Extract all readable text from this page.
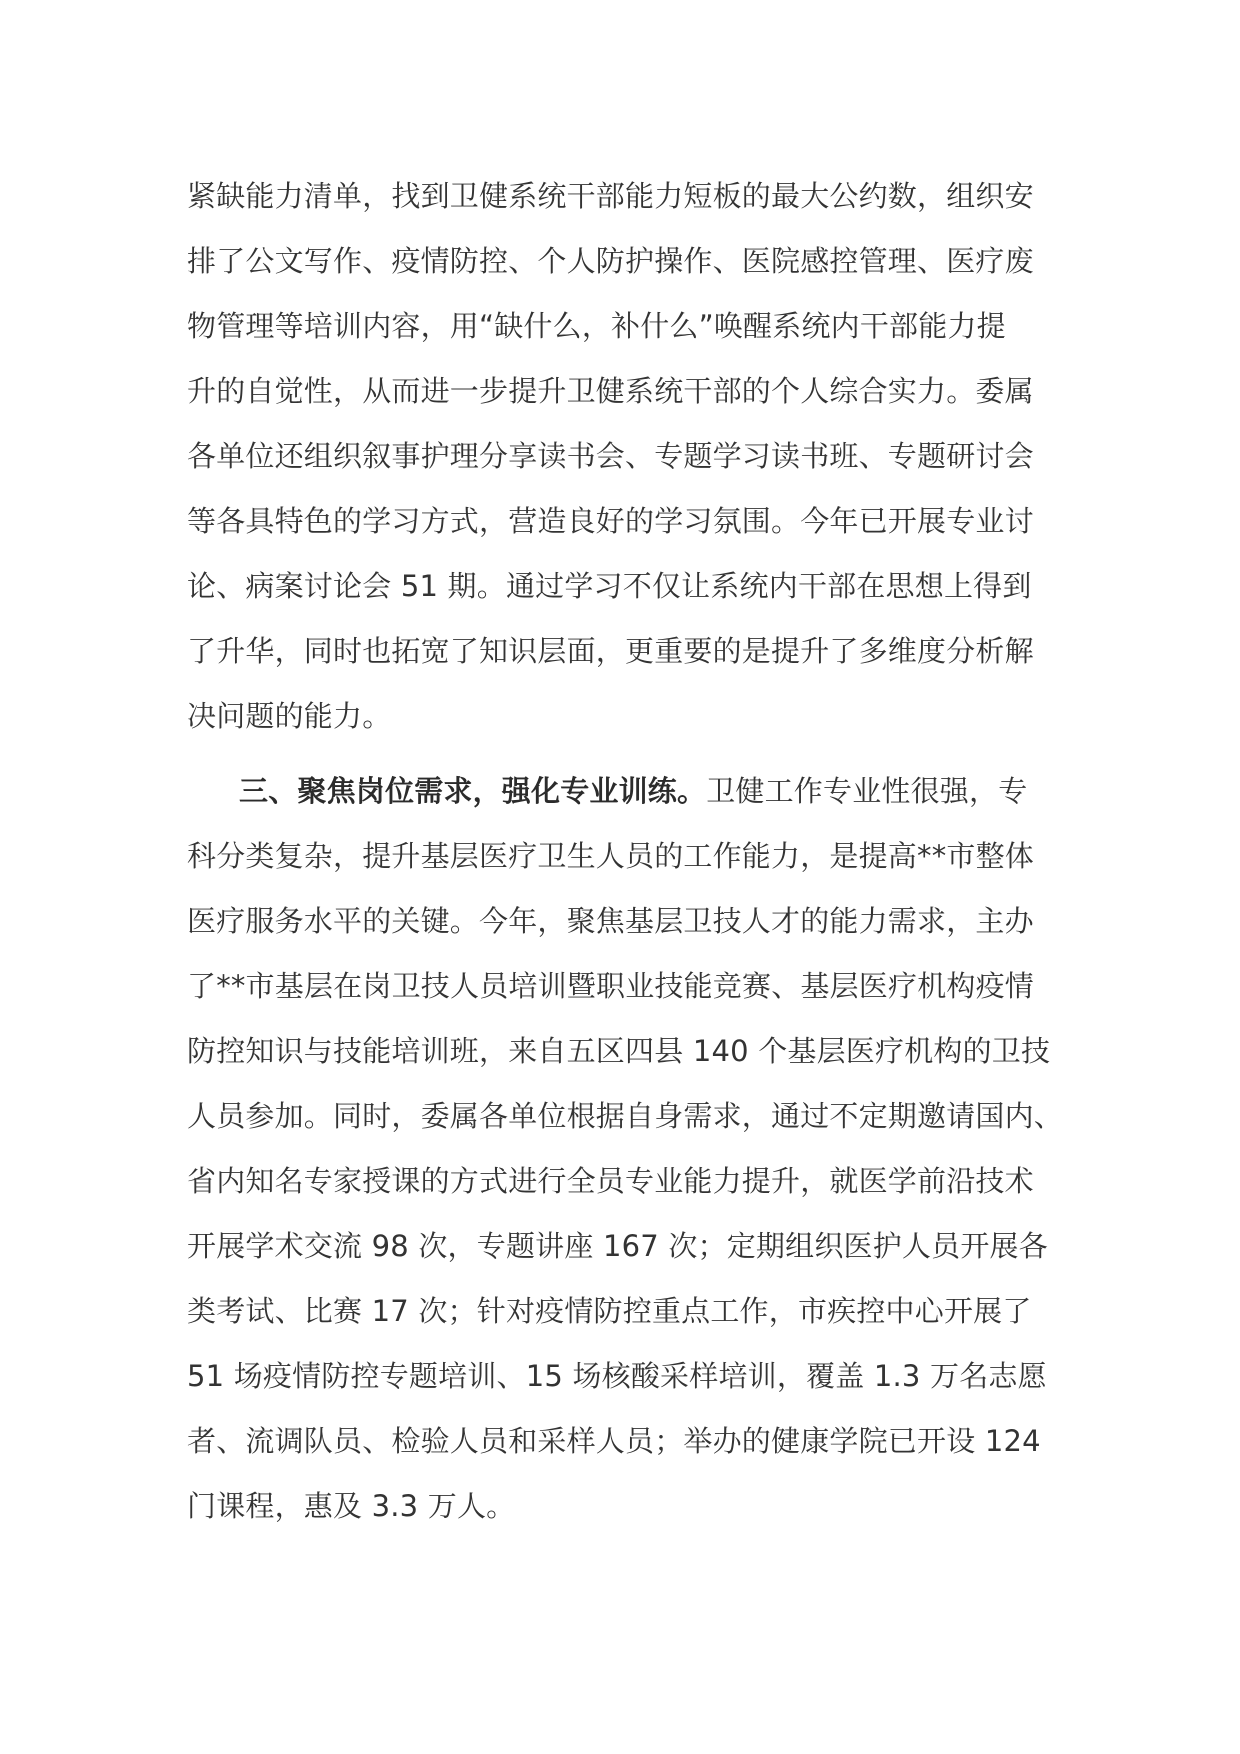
紧缺能力清单，找到卫健系统干部能力短板的最大公约数，组织安
排了公文写作、疫情防控、个人防护操作、医院感控管理、医疗废
物管理等培训内容，用“缺什么，补什么”唤醒系统内干部能力提
升的自觉性，从而进一步提升卫健系统干部的个人综合实力。委属
各单位还组织叙事护理分享读书会、专题学习读书班、专题研讨会
等各具特色的学习方式，营造良好的学习氛围。今年已开展专业讨
论、病案讨论会 51 期。通过学习不仅让系统内干部在思想上得到
了升华，同时也拓宽了知识层面，更重要的是提升了多维度分析解
决问题的能力。
三、聚焦岗位需求，强化专业训练。卫健工作专业性很强，专
科分类复杂，提升基层医疗卫生人员的工作能力，是提高**市整体
医疗服务水平的关键。今年，聚焦基层卫技人才的能力需求，主办
了**市基层在岗卫技人员培训暨职业技能竞赛、基层医疗机构疫情
防控知识与技能培训班，来自五区四县 140 个基层医疗机构的卫技
人员参加。同时，委属各单位根据自身需求，通过不定期邀请国内、
省内知名专家授课的方式进行全员专业能力提升，就医学前沿技术
开展学术交流 98 次，专题讲座 167 次；定期组织医护人员开展各
类考试、比赛 17 次；针对疫情防控重点工作，市疾控中心开展了
51 场疫情防控专题培训、15 场核酸采样培训，覆盖 1.3 万名志愿
者、流调队员、检验人员和采样人员；举办的健康学院已开设 124
门课程，惠及 3.3 万人。
